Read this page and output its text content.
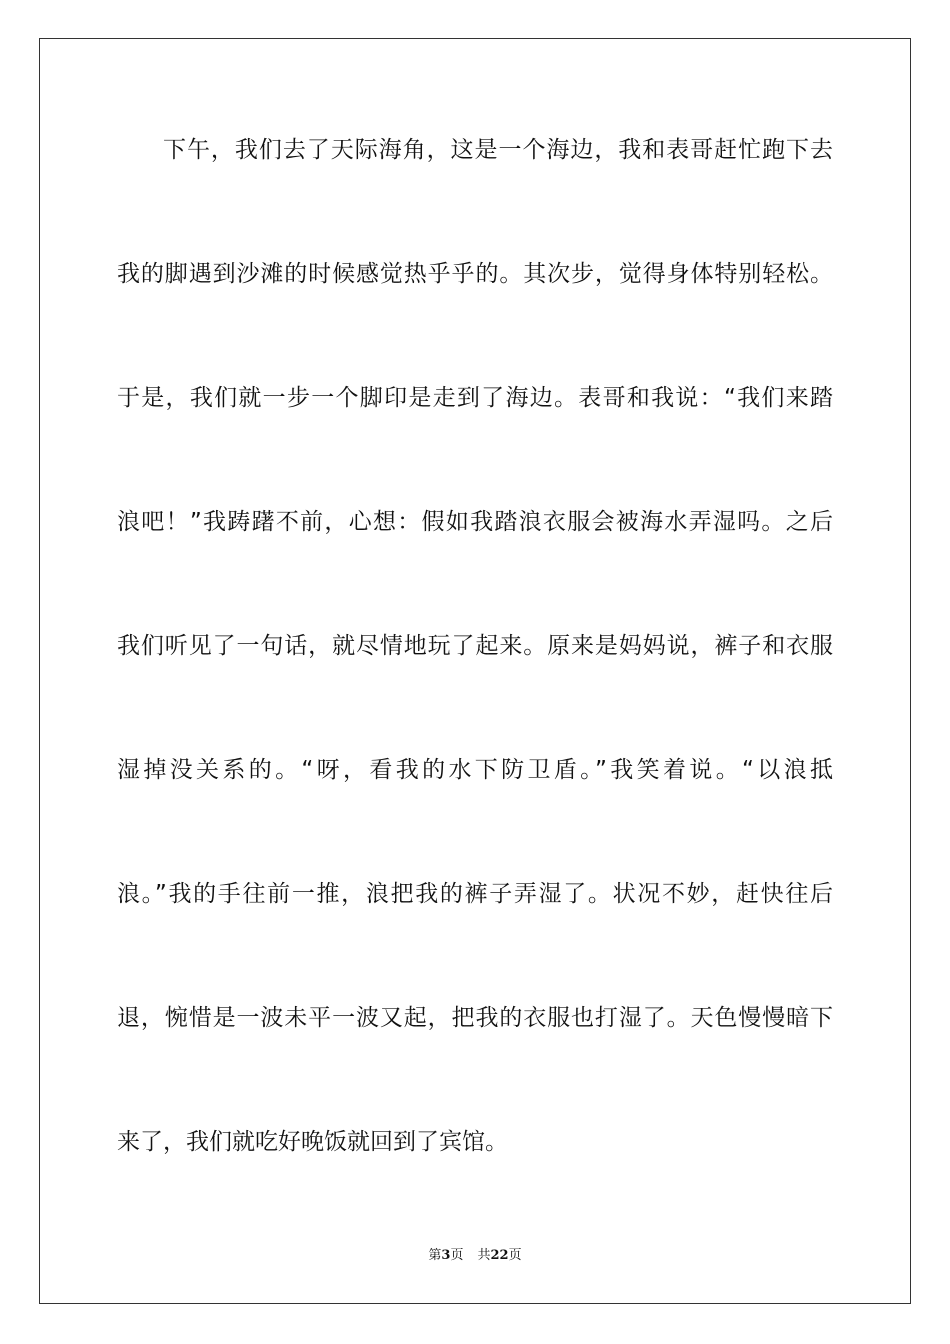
下午，我们去了天际海角，这是一个海边，我和表哥赶忙跑下去
我的脚遇到沙滩的时候感觉热乎乎的。其次步，觉得身体特别轻松。
于是，我们就一步一个脚印是走到了海边。表哥和我说：“我们来踏
浪吧！”我踌躇不前，心想：假如我踏浪衣服会被海水弄湿吗。之后
我们听见了一句话，就尽情地玩了起来。原来是妈妈说，裤子和衣服
湿掉没关系的。“呀，看我的水下防卫盾。”我笑着说。“以浪抵
浪。”我的手往前一推，浪把我的裤子弄湿了。状况不妙，赶快往后
退，惋惜是一波未平一波又起，把我的衣服也打湿了。天色慢慢暗下
来了，我们就吃好晚饭就回到了宾馆。
第3页 共22页
